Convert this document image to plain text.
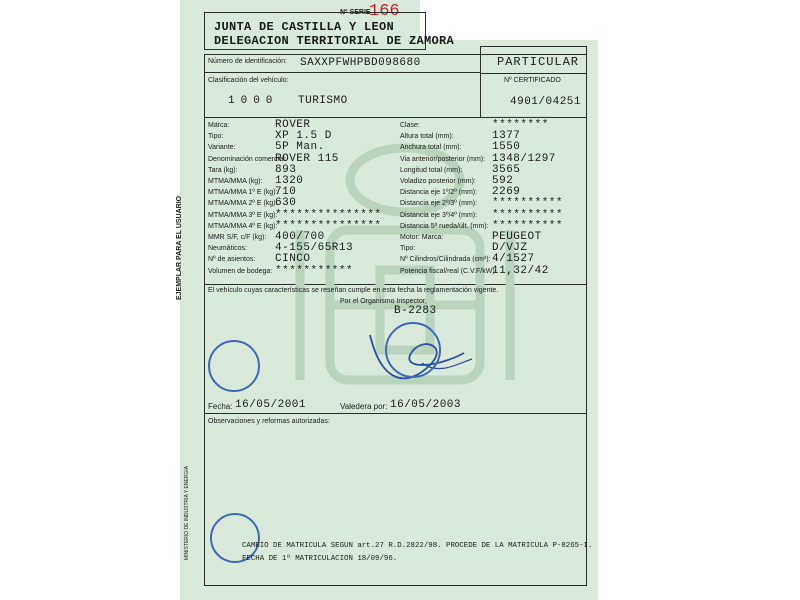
Nº SERIE
166
JUNTA DE CASTILLA Y LEON
DELEGACION TERRITORIAL DE ZAMORA
Número de identificación: SAXXPFWHPBD098680	PARTICULAR
Nº CERTIFICADO
4901/04251
Clasificación del vehículo:
1000 TURISMO
Marca:	ROVER
Tipo:	XP 1.5 D
Variante:	5P Man.
Denominación comercial:
ROVER 115
Tara (kg):	893
MTMA/MMA (kg): 1320
MTMA/MMA 1º E (kg):
710
MTMA/MMA 2º E (kg):
630
MTMA/MMA 3º E (kg):
***************
MTMA/MMA 4º E (kg):
***************
MMR S/F, c/F (kg): 400/700
Neumáticos:	4-155/65R13
Nº de asientos: CINCO
Volumen de bodega: ***********
Clase:	********
Altura total (mm):	1377
Anchura total (mm):	1550
Via anterior/posterior (mm): 1348/1297
Longitud total (mm):	3565
Voladizo posterior (mm): 592
Distancia eje 1º/2º (mm): 2269
Distancia eje 2º/3º (mm): **********
Distancia eje 3º/4º (mm): **********
Distancia 5ª rueda/últ. (mm): **********
Motor: Marca:	PEUGEOT
Tipo:	D/VJZ
Nº Cilindros/Cilindrada (cm³): 4/1527
Potencia fiscal/real (C.V.F/kW):
11,32/42
El vehículo cuyas características se reseñan cumple en esta fecha la reglamentación vigente.
Por el Organismo Inspector,
B-2283
Fecha: 16/05/2001	Valedera por: 16/05/2003
Observaciones y reformas autorizadas:
CAMBIO DE MATRICULA SEGUN art.27 R.D.2822/98. PROCEDE DE LA MATRICULA P-8265-I.
FECHA DE 1ª MATRICULACION 18/09/96.
EJEMPLAR PARA EL USUARIO
MINISTERIO DE INDUSTRIA Y ENERGIA
